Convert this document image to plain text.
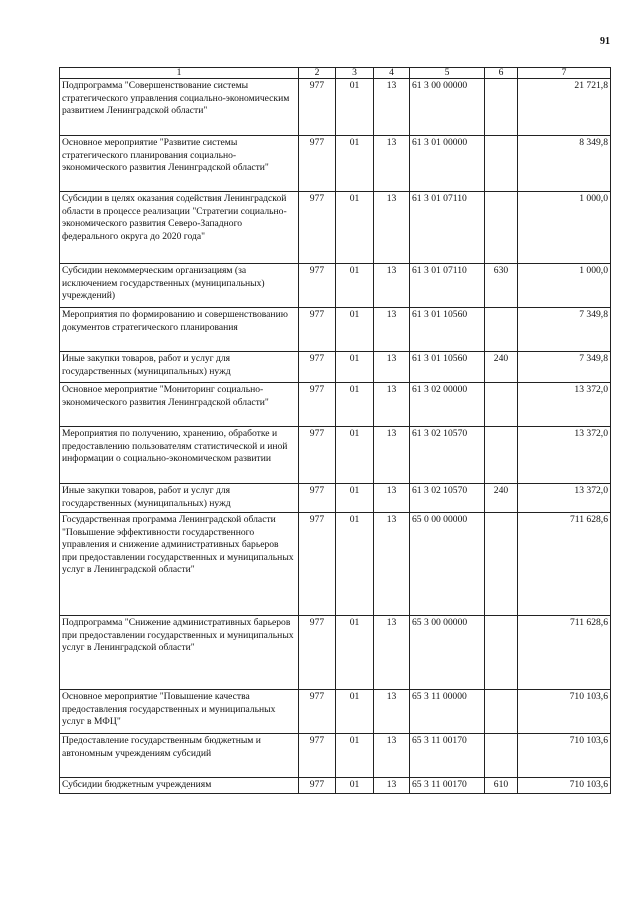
91
1	2	3	4	5	6	7
Подпрограмма "Совершенствование системы стратегического управления социально-экономическим развитием Ленинградской области"	977	01	13	61 3 00 00000		21 721,8
Основное мероприятие "Развитие системы стратегического планирования социально-экономического развития Ленинградской области"	977	01	13	61 3 01 00000		8 349,8
Субсидии в целях оказания содействия Ленинградской области в процессе реализации "Стратегии социально-экономического развития Северо-Западного федерального округа до 2020 года"	977	01	13	61 3 01 07110		1 000,0
Субсидии некоммерческим организациям (за исключением государственных (муниципальных) учреждений)	977	01	13	61 3 01 07110	630	1 000,0
Мероприятия по формированию и совершенствованию документов стратегического планирования	977	01	13	61 3 01 10560		7 349,8
Иные закупки товаров, работ и услуг для государственных (муниципальных) нужд	977	01	13	61 3 01 10560	240	7 349,8
Основное мероприятие "Мониторинг социально-экономического развития Ленинградской области"	977	01	13	61 3 02 00000		13 372,0
Мероприятия по получению, хранению, обработке и предоставлению пользователям статистической и иной информации о социально-экономическом развитии	977	01	13	61 3 02 10570		13 372,0
Иные закупки товаров, работ и услуг для государственных (муниципальных) нужд	977	01	13	61 3 02 10570	240	13 372,0
Государственная программа Ленинградской области "Повышение эффективности государственного управления и снижение административных барьеров при предоставлении государственных и муниципальных услуг в Ленинградской области"	977	01	13	65 0 00 00000		711 628,6
Подпрограмма "Снижение административных барьеров при предоставлении государственных и муниципальных услуг в Ленинградской области"	977	01	13	65 3 00 00000		711 628,6
Основное мероприятие "Повышение качества предоставления государственных и муниципальных услуг в МФЦ"	977	01	13	65 3 11 00000		710 103,6
Предоставление государственным бюджетным и автономным учреждениям субсидий	977	01	13	65 3 11 00170		710 103,6
Субсидии бюджетным учреждениям	977	01	13	65 3 11 00170	610	710 103,6
